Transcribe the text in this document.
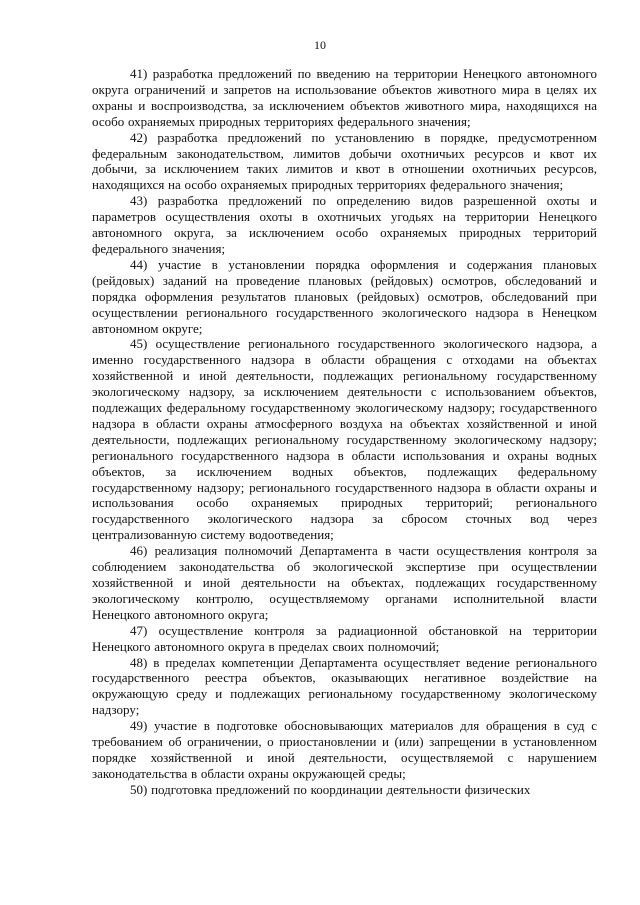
10

41) разработка предложений по введению на территории Ненецкого автономного округа ограничений и запретов на использование объектов животного мира в целях их охраны и воспроизводства, за исключением объектов животного мира, находящихся на особо охраняемых природных территориях федерального значения;

42) разработка предложений по установлению в порядке, предусмотренном федеральным законодательством, лимитов добычи охотничьих ресурсов и квот их добычи, за исключением таких лимитов и квот в отношении охотничьих ресурсов, находящихся на особо охраняемых природных территориях федерального значения;

43) разработка предложений по определению видов разрешенной охоты и параметров осуществления охоты в охотничьих угодьях на территории Ненецкого автономного округа, за исключением особо охраняемых природных территорий федерального значения;

44) участие в установлении порядка оформления и содержания плановых (рейдовых) заданий на проведение плановых (рейдовых) осмотров, обследований и порядка оформления результатов плановых (рейдовых) осмотров, обследований при осуществлении регионального государственного экологического надзора в Ненецком автономном округе;

45) осуществление регионального государственного экологического надзора, а именно государственного надзора в области обращения с отходами на объектах хозяйственной и иной деятельности, подлежащих региональному государственному экологическому надзору, за исключением деятельности с использованием объектов, подлежащих федеральному государственному экологическому надзору; государственного надзора в области охраны атмосферного воздуха на объектах хозяйственной и иной деятельности, подлежащих региональному государственному экологическому надзору; регионального государственного надзора в области использования и охраны водных объектов, за исключением водных объектов, подлежащих федеральному государственному надзору; регионального государственного надзора в области охраны и использования особо охраняемых природных территорий; регионального государственного экологического надзора за сбросом сточных вод через централизованную систему водоотведения;

46) реализация полномочий Департамента в части осуществления контроля за соблюдением законодательства об экологической экспертизе при осуществлении хозяйственной и иной деятельности на объектах, подлежащих государственному экологическому контролю, осуществляемому органами исполнительной власти Ненецкого автономного округа;

47) осуществление контроля за радиационной обстановкой на территории Ненецкого автономного округа в пределах своих полномочий;

48) в пределах компетенции Департамента осуществляет ведение регионального государственного реестра объектов, оказывающих негативное воздействие на окружающую среду и подлежащих региональному государственному экологическому надзору;

49) участие в подготовке обосновывающих материалов для обращения в суд с требованием об ограничении, о приостановлении и (или) запрещении в установленном порядке хозяйственной и иной деятельности, осуществляемой с нарушением законодательства в области охраны окружающей среды;

50) подготовка предложений по координации деятельности физических
